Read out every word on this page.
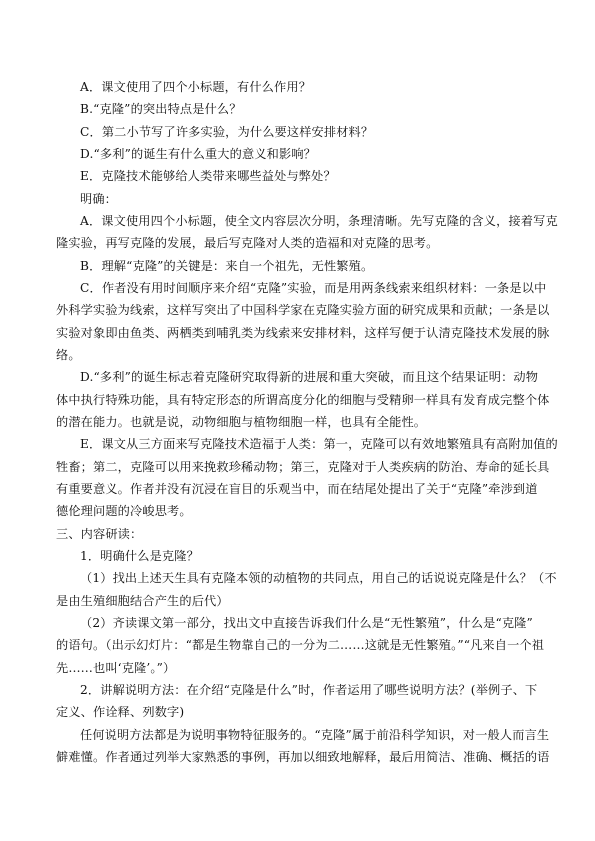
A．课文使用了四个小标题，有什么作用？
B.“克隆”的突出特点是什么？
C．第二小节写了许多实验，为什么要这样安排材料？
D.“多利”的诞生有什么重大的意义和影响？
E．克隆技术能够给人类带来哪些益处与弊处？
明确：
A．课文使用四个小标题，使全文内容层次分明，条理清晰。先写克隆的含义，接着写克
隆实验，再写克隆的发展，最后写克隆对人类的造福和对克隆的思考。
B．理解“克隆”的关键是：来自一个祖先，无性繁殖。
C．作者没有用时间顺序来介绍“克隆”实验，而是用两条线索来组织材料：一条是以中
外科学实验为线索，这样写突出了中国科学家在克隆实验方面的研究成果和贡献；一条是以
实验对象即由鱼类、两栖类到哺乳类为线索来安排材料，这样写便于认清克隆技术发展的脉
络。
D.“多利”的诞生标志着克隆研究取得新的进展和重大突破，而且这个结果证明：动物
体中执行特殊功能，具有特定形态的所谓高度分化的细胞与受精卵一样具有发育成完整个体
的潜在能力。也就是说，动物细胞与植物细胞一样，也具有全能性。
E．课文从三方面来写克隆技术造福于人类：第一，克隆可以有效地繁殖具有高附加值的
牲畜；第二，克隆可以用来挽救珍稀动物；第三，克隆对于人类疾病的防治、寿命的延长具
有重要意义。作者并没有沉浸在盲目的乐观当中，而在结尾处提出了关于“克隆”牵涉到道
德伦理问题的冷峻思考。
三、内容研读：
1．明确什么是克隆？
（1）找出上述天生具有克隆本领的动植物的共同点，用自己的话说说克隆是什么？（不
是由生殖细胞结合产生的后代）
（2）齐读课文第一部分，找出文中直接告诉我们什么是“无性繁殖”，什么是“克隆”
的语句。（出示幻灯片：“都是生物靠自己的一分为二……这就是无性繁殖。”“凡来自一个祖
先……也叫‘克隆’。”）
2．讲解说明方法：在介绍“克隆是什么”时，作者运用了哪些说明方法？(举例子、下
定义、作诠释、列数字)
任何说明方法都是为说明事物特征服务的。“克隆”属于前沿科学知识，对一般人而言生
僻难懂。作者通过列举大家熟悉的事例，再加以细致地解释，最后用简洁、准确、概括的语
